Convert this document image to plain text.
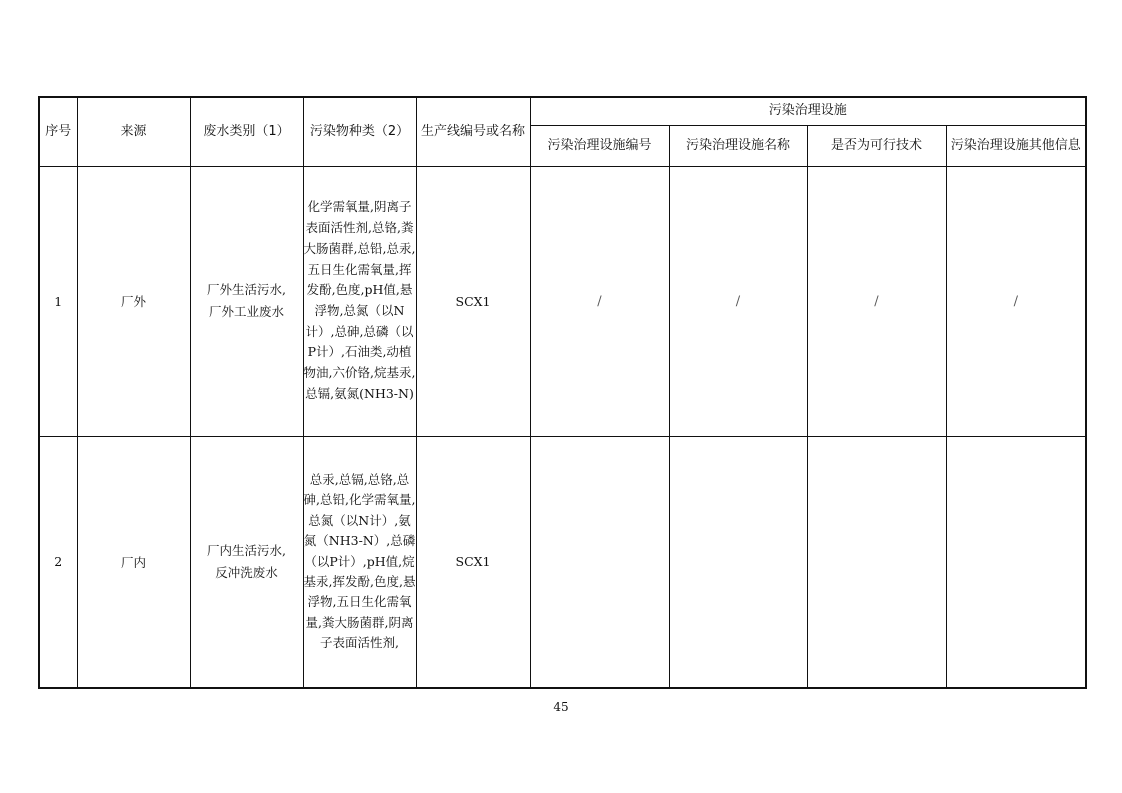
序号	来源	废水类别（1）	污染物种类（2）	生产线编号或名称	污染治理设施			
					污染治理设施编号	污染治理设施名称	是否为可行技术	污染治理设施其他信息
1	厂外	厂外生活污水,厂外工业废水	化学需氧量,阴离子表面活性剂,总铬,粪大肠菌群,总铅,总汞,五日生化需氧量,挥发酚,色度,pH值,悬浮物,总氮（以N计）,总砷,总磷（以P计）,石油类,动植物油,六价铬,烷基汞,总镉,氨氮(NH3-N)	SCX1	/	/	/	/
2	厂内	厂内生活污水,反冲洗废水	总汞,总镉,总铬,总砷,总铅,化学需氧量,总氮（以N计）,氨氮（NH3-N）,总磷（以P计）,pH值,烷基汞,挥发酚,色度,悬浮物,五日生化需氧量,粪大肠菌群,阴离子表面活性剂,	SCX1				
45
